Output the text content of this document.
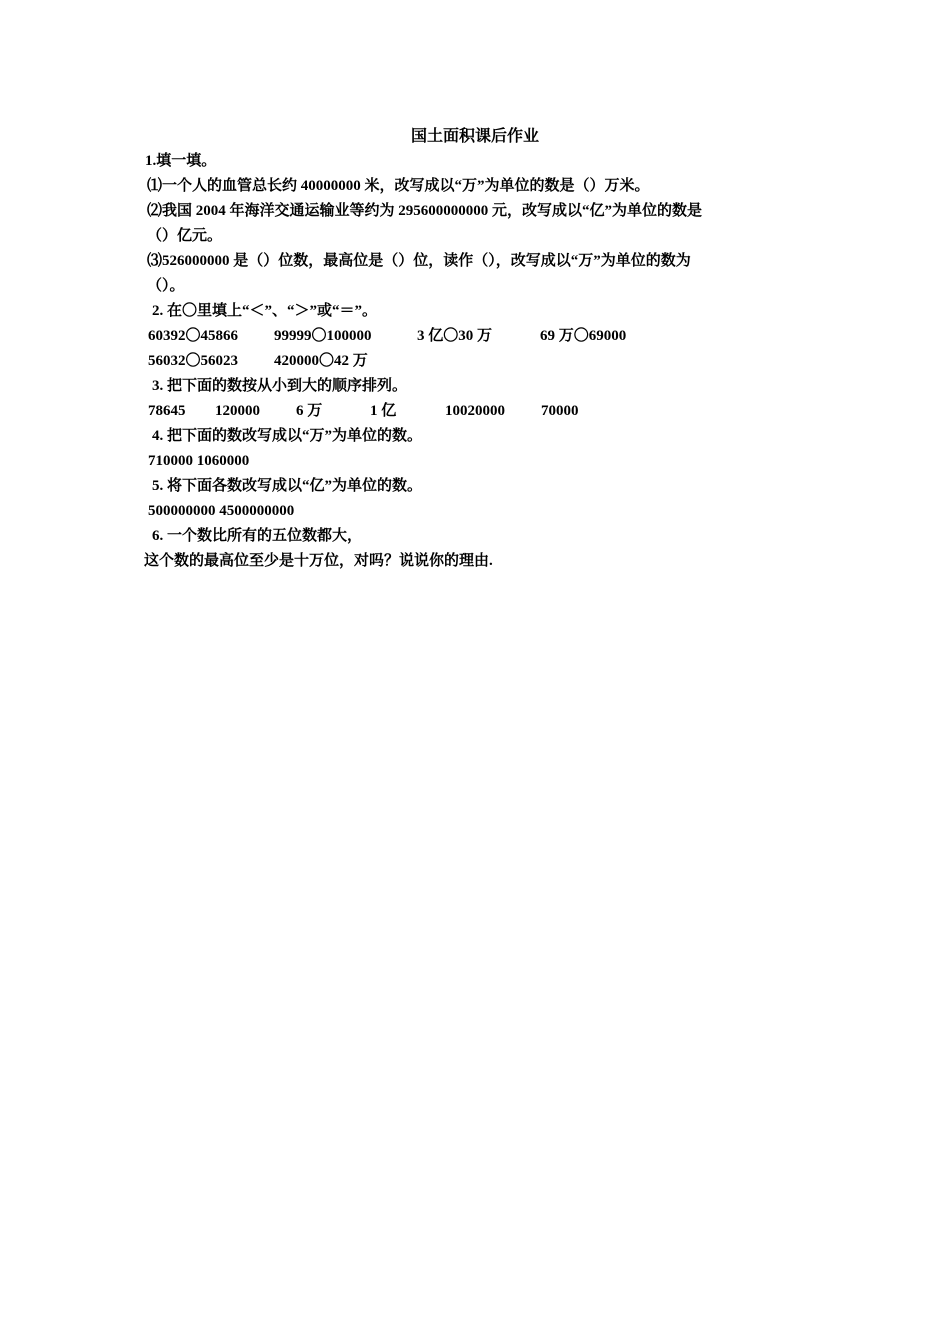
国土面积课后作业
1.填一填。
⑴一个人的血管总长约 40000000 米，改写成以“万”为单位的数是（）万米。
⑵我国 2004 年海洋交通运输业等约为 295600000000 元，改写成以“亿”为单位的数是
（）亿元。
⑶526000000 是（）位数，最高位是（）位，读作（），改写成以“万”为单位的数为
（）。
2. 在〇里填上“＜”、“＞”或“＝”。
60392〇45866 99999〇100000	3 亿〇30 万	69 万〇69000
56032〇56023 420000〇42 万
3. 把下面的数按从小到大的顺序排列。
78645 120000 6 万	1 亿	10020000 70000
4. 把下面的数改写成以“万”为单位的数。
710000 1060000
5. 将下面各数改写成以“亿”为单位的数。
500000000 4500000000
6. 一个数比所有的五位数都大，
这个数的最高位至少是十万位，对吗？说说你的理由.
